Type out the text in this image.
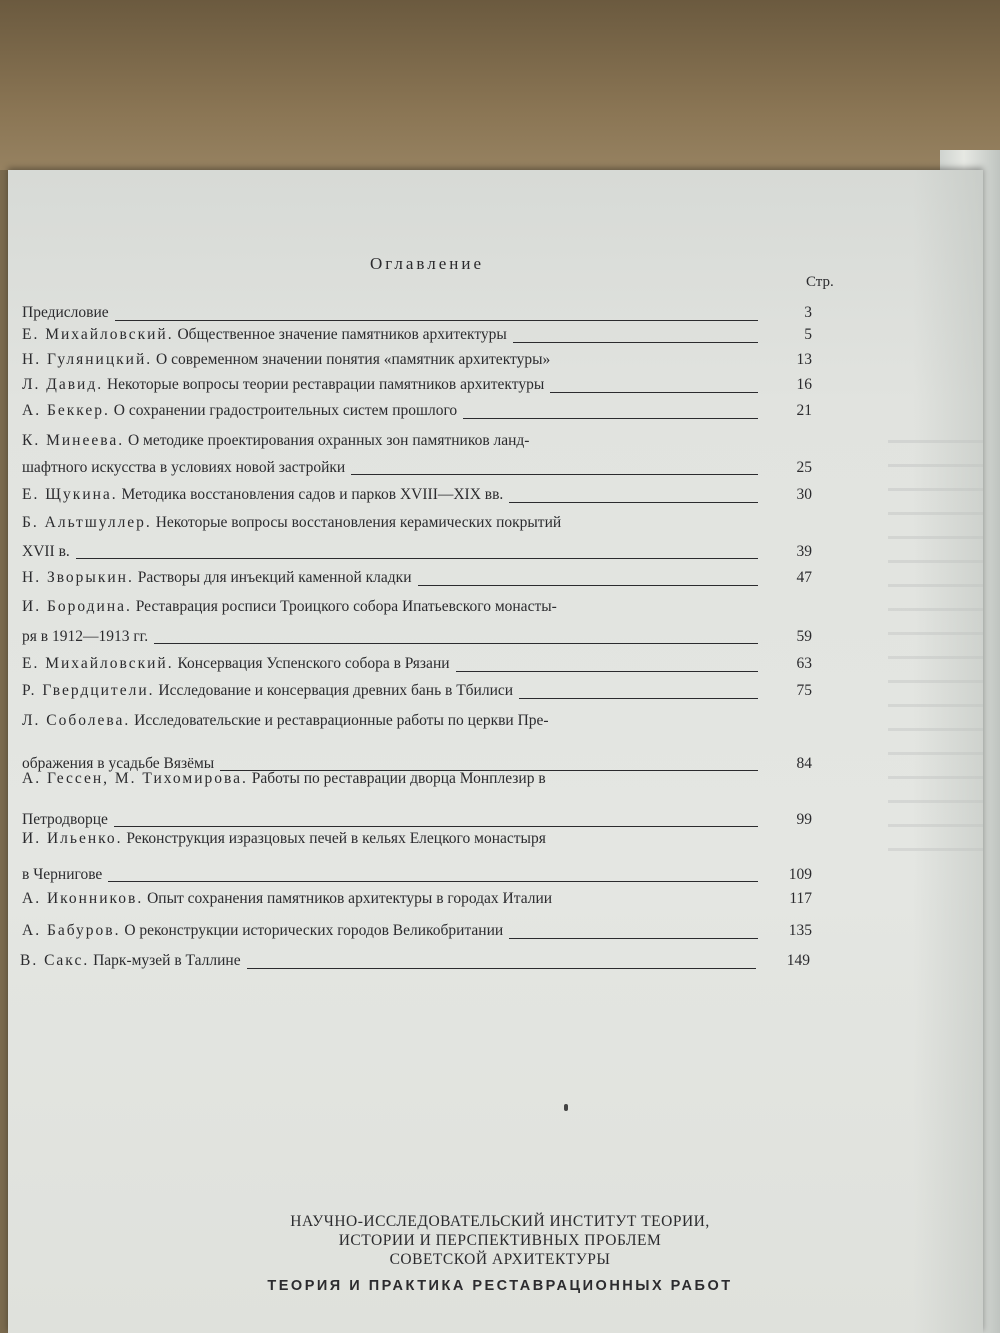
Оглавление
Стр.
Предисловие	3
Е. Михайловский. Общественное значение памятников архитектуры	5
Н. Гуляницкий. О современном значении понятия «памятник архитектуры»	13
Л. Давид. Некоторые вопросы теории реставрации памятников архитектуры	16
А. Беккер. О сохранении градостроительных систем прошлого	21
К. Минеева. О методике проектирования охранных зон памятников ланд-
шафтного искусства в условиях новой застройки	25
Е. Щукина. Методика восстановления садов и парков XVIII—XIX вв.	30
Б. Альтшуллер. Некоторые вопросы восстановления керамических покрытий
XVII в.	39
Н. Зворыкин. Растворы для инъекций каменной кладки	47
И. Бородина. Реставрация росписи Троицкого собора Ипатьевского монасты-
ря в 1912—1913 гг.	59
Е. Михайловский. Консервация Успенского собора в Рязани	63
Р. Гвердцители. Исследование и консервация древних бань в Тбилиси	75
Л. Соболева. Исследовательские и реставрационные работы по церкви Пре-
ображения в усадьбе Вязёмы	84
А. Гессен, М. Тихомирова. Работы по реставрации дворца Монплезир в
Петродворце	99
И. Ильенко. Реконструкция изразцовых печей в кельях Елецкого монастыря
в Чернигове	109
А. Иконников. Опыт сохранения памятников архитектуры в городах Италии	117
А. Бабуров. О реконструкции исторических городов Великобритании	135
В. Сакс. Парк-музей в Таллине	149
НАУЧНО-ИССЛЕДОВАТЕЛЬСКИЙ ИНСТИТУТ ТЕОРИИ,
ИСТОРИИ И ПЕРСПЕКТИВНЫХ ПРОБЛЕМ
СОВЕТСКОЙ АРХИТЕКТУРЫ
ТЕОРИЯ И ПРАКТИКА РЕСТАВРАЦИОННЫХ РАБОТ
